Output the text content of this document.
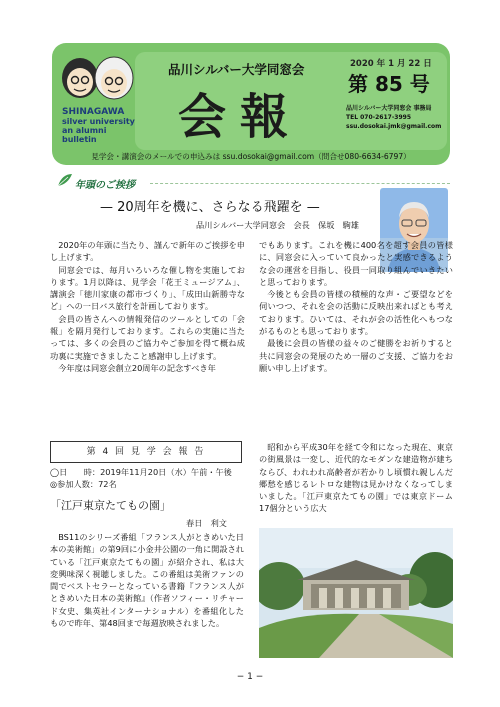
SHINAGAWA
silver university
an alumni bulletin
品川シルバー大学同窓会
会報
2020 年 1 月 22 日
第 85 号
品川シルバー大学同窓会 事務局
TEL 070-2617-3995
ssu.dosokai.jmk@gmail.com
見学会・講演会のメールでの申込みは ssu.dosokai@gmail.com（問合せ080-6634-6797）
年頭のご挨拶
— 20周年を機に、さらなる飛躍を —
品川シルバー大学同窓会　会長　保坂　駒雄

2020年の年頭に当たり、謹んで新年のご挨拶を申し上げます。

同窓会では、毎月いろいろな催し物を実施しております。1月以降は、見学会「花王ミュージアム」、講演会「徳川家康の都市づくり」、「成田山新勝寺など」への一日バス旅行を計画しております。

会員の皆さんへの情報発信のツールとしての「会報」を隔月発行しております。これらの実施に当たっては、多くの会員のご協力やご参加を得て概ね成功裏に実施できましたこと感謝申し上げます。

今年度は同窓会創立20周年の記念すべき年

でもあります。これを機に400名を超す会員の皆様に、同窓会に入っていて良かったと実感できるような会の運営を目指し、役員一同取り組んでいきたいと思っております。

今後とも会員の皆様の積極的な声・ご要望などを伺いつつ、それを会の活動に反映出来ればとも考えております。ひいては、それが会の活性化へもつながるものとも思っております。

最後に会員の皆様の益々のご健勝をお祈りすると共に同窓会の発展のため一層のご支援、ご協力をお願い申し上げます。

第 4 回 見 学 会 報 告
◯日　　時：2019年11月20日（水）午前・午後
◎参加人数：72名
「江戸東京たてもの園」
春日　利文

BS11のシリーズ番組「フランス人がときめいた日本の美術館」の第9回に小金井公園の一角に開設されている「江戸東京たてもの園」が紹介され、私は大変興味深く視聴しました。この番組は美術ファンの間でベストセラーとなっている書籍『フランス人がときめいた日本の美術館』（作者ソフィー・リチャード女史、集英社インターナショナル）を番組化したもので昨年、第48回まで毎週放映されました。

昭和から平成30年を経て令和になった現在、東京の街風景は一変し、近代的なモダンな建造物が建ちならび、われわれ高齢者が若かりし頃慣れ親しんだ郷愁を感じるレトロな建物は見かけなくなってしまいました。「江戸東京たてもの園」では東京ドーム17個分という広大

− 1 −
